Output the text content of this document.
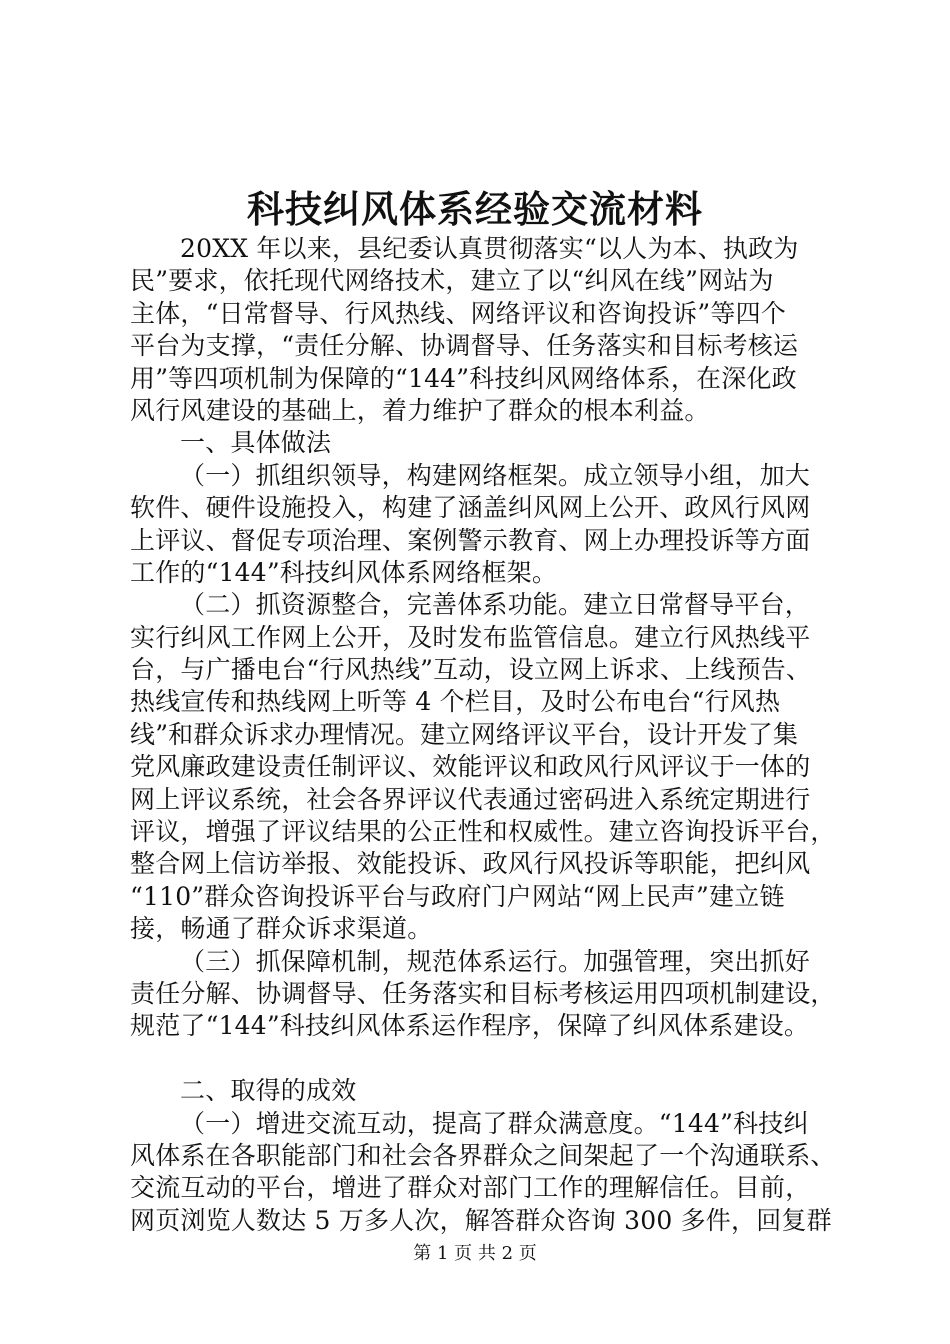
科技纠风体系经验交流材料
20XX 年以来，县纪委认真贯彻落实“以人为本、执政为
民”要求，依托现代网络技术，建立了以“纠风在线”网站为
主体，“日常督导、行风热线、网络评议和咨询投诉”等四个
平台为支撑，“责任分解、协调督导、任务落实和目标考核运
用”等四项机制为保障的“144”科技纠风网络体系，在深化政
风行风建设的基础上，着力维护了群众的根本利益。
一、具体做法
（一）抓组织领导，构建网络框架。成立领导小组，加大
软件、硬件设施投入，构建了涵盖纠风网上公开、政风行风网
上评议、督促专项治理、案例警示教育、网上办理投诉等方面
工作的“144”科技纠风体系网络框架。
（二）抓资源整合，完善体系功能。建立日常督导平台，
实行纠风工作网上公开，及时发布监管信息。建立行风热线平
台，与广播电台“行风热线”互动，设立网上诉求、上线预告、
热线宣传和热线网上听等 4 个栏目，及时公布电台“行风热
线”和群众诉求办理情况。建立网络评议平台，设计开发了集
党风廉政建设责任制评议、效能评议和政风行风评议于一体的
网上评议系统，社会各界评议代表通过密码进入系统定期进行
评议，增强了评议结果的公正性和权威性。建立咨询投诉平台，
整合网上信访举报、效能投诉、政风行风投诉等职能，把纠风
“110”群众咨询投诉平台与政府门户网站“网上民声”建立链
接，畅通了群众诉求渠道。
（三）抓保障机制，规范体系运行。加强管理，突出抓好
责任分解、协调督导、任务落实和目标考核运用四项机制建设，
规范了“144”科技纠风体系运作程序，保障了纠风体系建设。
二、取得的成效
（一）增进交流互动，提高了群众满意度。“144”科技纠
风体系在各职能部门和社会各界群众之间架起了一个沟通联系、
交流互动的平台，增进了群众对部门工作的理解信任。目前，
网页浏览人数达 5 万多人次，解答群众咨询 300 多件，回复群
第 1 页 共 2 页
